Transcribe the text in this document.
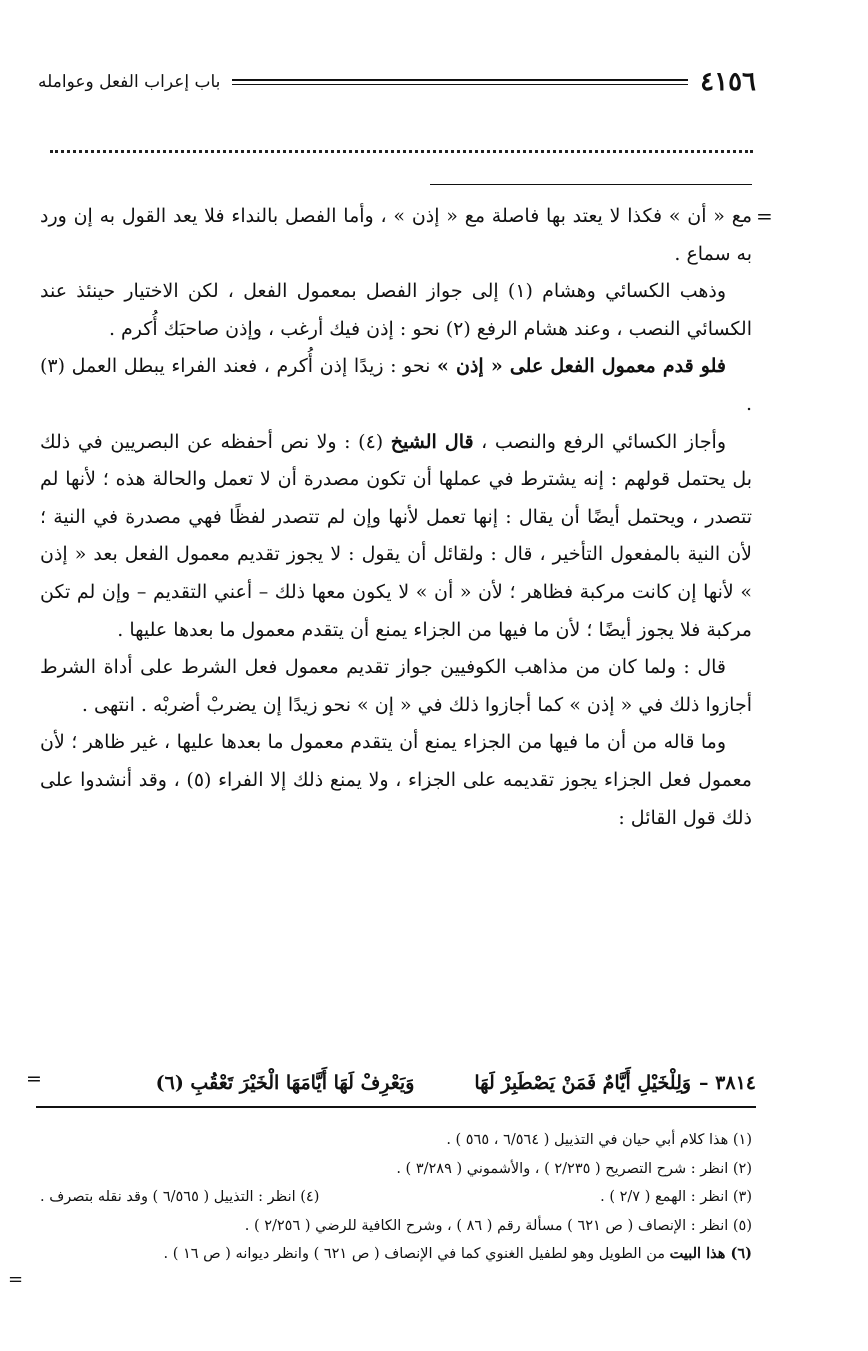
٤١٥٦
باب إعراب الفعل وعوامله
=

مع « أن » فكذا لا يعتد بها فاصلة مع « إذن » ، وأما الفصل بالنداء فلا يعد القول به إن ورد به سماع .

وذهب الكسائي وهشام (١) إلى جواز الفصل بمعمول الفعل ، لكن الاختيار حينئذ عند الكسائي النصب ، وعند هشام الرفع (٢) نحو : إذن فيك أرغب ، وإذن صاحبَك أُكرم .

فلو قدم معمول الفعل على « إذن » نحو : زيدًا إذن أُكرم ، فعند الفراء يبطل العمل (٣) .

وأجاز الكسائي الرفع والنصب ، قال الشيخ (٤) : ولا نص أحفظه عن البصريين في ذلك بل يحتمل قولهم : إنه يشترط في عملها أن تكون مصدرة أن لا تعمل والحالة هذه ؛ لأنها لم تتصدر ، ويحتمل أيضًا أن يقال : إنها تعمل لأنها وإن لم تتصدر لفظًا فهي مصدرة في النية ؛ لأن النية بالمفعول التأخير ، قال : ولقائل أن يقول : لا يجوز تقديم معمول الفعل بعد « إذن » لأنها إن كانت مركبة فظاهر ؛ لأن « أن » لا يكون معها ذلك – أعني التقديم – وإن لم تكن مركبة فلا يجوز أيضًا ؛ لأن ما فيها من الجزاء يمنع أن يتقدم معمول ما بعدها عليها .

قال : ولما كان من مذاهب الكوفيين جواز تقديم معمول فعل الشرط على أداة الشرط أجازوا ذلك في « إذن » كما أجازوا ذلك في « إن » نحو زيدًا إن يضربْ أضربْه . انتهى .

وما قاله من أن ما فيها من الجزاء يمنع أن يتقدم معمول ما بعدها عليها ، غير ظاهر ؛ لأن معمول فعل الجزاء يجوز تقديمه على الجزاء ، ولا يمنع ذلك إلا الفراء (٥) ، وقد أنشدوا على ذلك قول القائل :

٣٨١٤ –
وَلِلْخَيْلِ أَيَّامٌ فَمَنْ يَصْطَبِرْ لَهَا
وَيَعْرِفْ لَهَا أَيَّامَهَا الْخَيْرَ تَعْقُبِ (٦)
=
(١) هذا كلام أبي حيان في التذييل ( ٦/٥٦٤ ، ٥٦٥ ) .
(٢) انظر : شرح التصريح ( ٢/٢٣٥ ) ، والأشموني ( ٣/٢٨٩ ) .
(٣) انظر : الهمع ( ٢/٧ ) .
(٤) انظر : التذييل ( ٦/٥٦٥ ) وقد نقله بتصرف .
(٥) انظر : الإنصاف ( ص ٦٢١ ) مسألة رقم ( ٨٦ ) ، وشرح الكافية للرضي ( ٢/٢٥٦ ) .
(٦) هذا البيت من الطويل وهو لطفيل الغنوي كما في الإنصاف ( ص ٦٢١ ) وانظر ديوانه ( ص ١٦ ) .
=
